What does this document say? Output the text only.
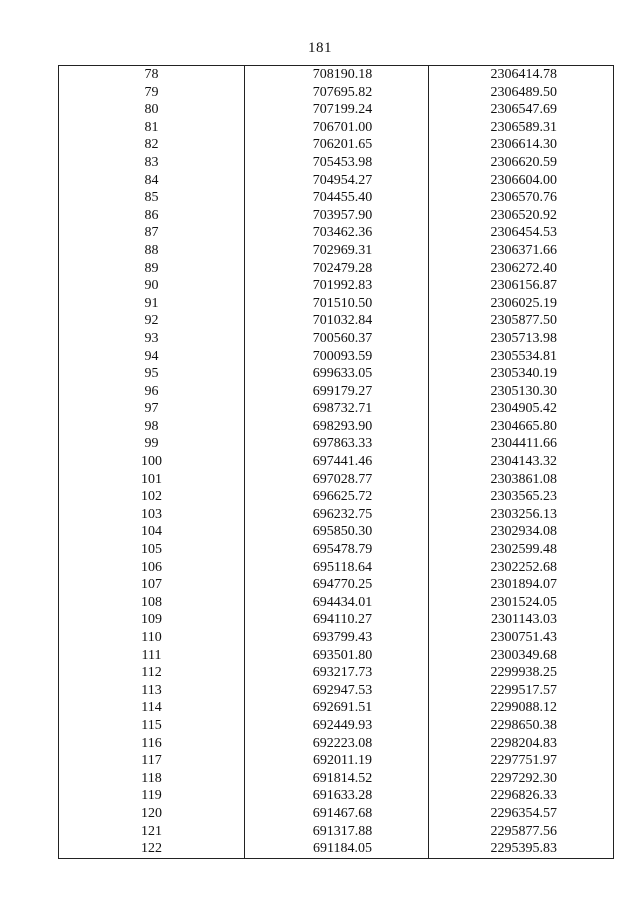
181
78	708190.18	2306414.78
79	707695.82	2306489.50
80	707199.24	2306547.69
81	706701.00	2306589.31
82	706201.65	2306614.30
83	705453.98	2306620.59
84	704954.27	2306604.00
85	704455.40	2306570.76
86	703957.90	2306520.92
87	703462.36	2306454.53
88	702969.31	2306371.66
89	702479.28	2306272.40
90	701992.83	2306156.87
91	701510.50	2306025.19
92	701032.84	2305877.50
93	700560.37	2305713.98
94	700093.59	2305534.81
95	699633.05	2305340.19
96	699179.27	2305130.30
97	698732.71	2304905.42
98	698293.90	2304665.80
99	697863.33	2304411.66
100	697441.46	2304143.32
101	697028.77	2303861.08
102	696625.72	2303565.23
103	696232.75	2303256.13
104	695850.30	2302934.08
105	695478.79	2302599.48
106	695118.64	2302252.68
107	694770.25	2301894.07
108	694434.01	2301524.05
109	694110.27	2301143.03
110	693799.43	2300751.43
111	693501.80	2300349.68
112	693217.73	2299938.25
113	692947.53	2299517.57
114	692691.51	2299088.12
115	692449.93	2298650.38
116	692223.08	2298204.83
117	692011.19	2297751.97
118	691814.52	2297292.30
119	691633.28	2296826.33
120	691467.68	2296354.57
121	691317.88	2295877.56
122	691184.05	2295395.83
